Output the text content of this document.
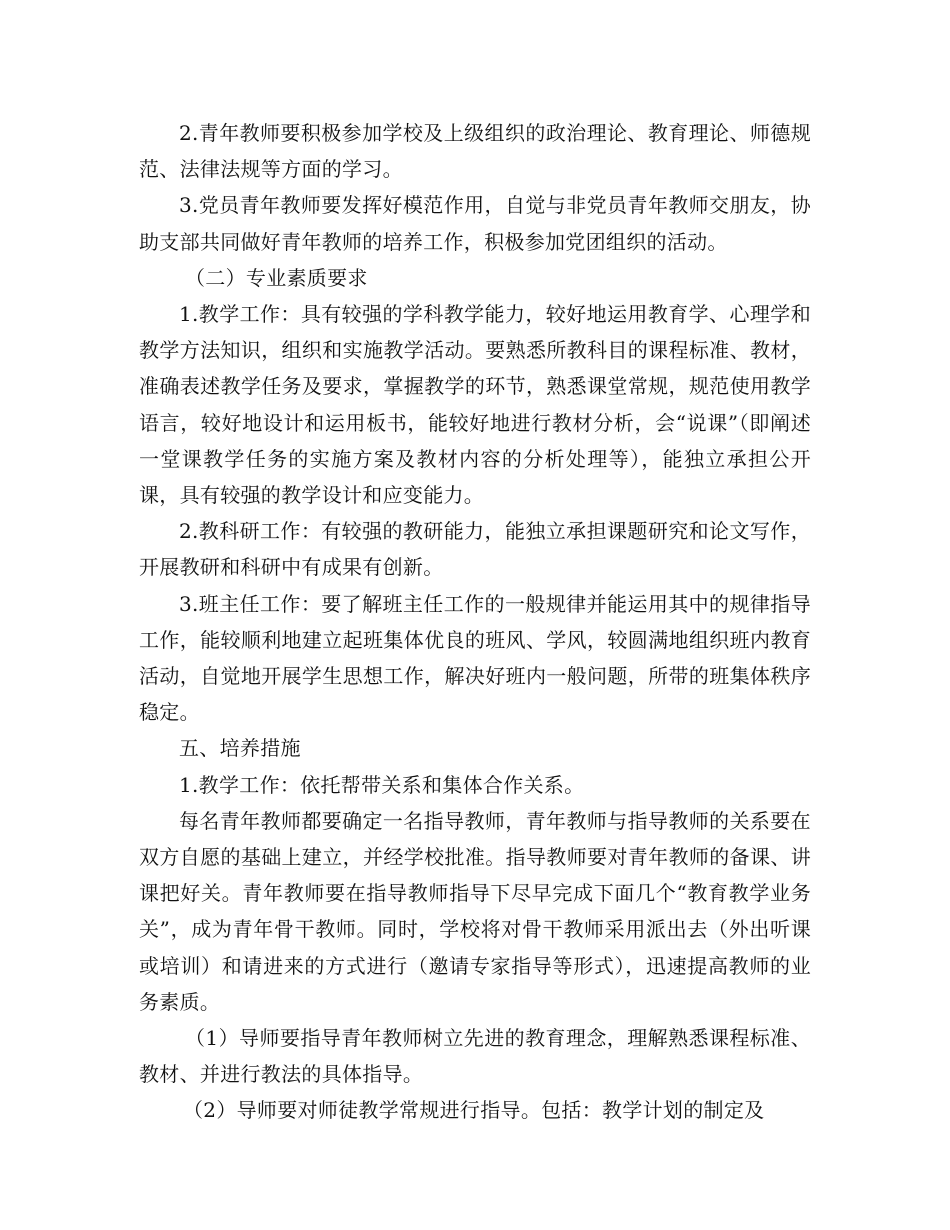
2.青年教师要积极参加学校及上级组织的政治理论、教育理论、师德规范、法律法规等方面的学习。

3.党员青年教师要发挥好模范作用，自觉与非党员青年教师交朋友，协助支部共同做好青年教师的培养工作，积极参加党团组织的活动。

（二）专业素质要求

1.教学工作：具有较强的学科教学能力，较好地运用教育学、心理学和教学方法知识，组织和实施教学活动。要熟悉所教科目的课程标准、教材，准确表述教学任务及要求，掌握教学的环节，熟悉课堂常规，规范使用教学语言，较好地设计和运用板书，能较好地进行教材分析，会“说课”（即阐述一堂课教学任务的实施方案及教材内容的分析处理等），能独立承担公开课，具有较强的教学设计和应变能力。

2.教科研工作：有较强的教研能力，能独立承担课题研究和论文写作，开展教研和科研中有成果有创新。

3.班主任工作：要了解班主任工作的一般规律并能运用其中的规律指导工作，能较顺利地建立起班集体优良的班风、学风，较圆满地组织班内教育活动，自觉地开展学生思想工作，解决好班内一般问题，所带的班集体秩序稳定。

五、培养措施

1.教学工作：依托帮带关系和集体合作关系。

每名青年教师都要确定一名指导教师，青年教师与指导教师的关系要在双方自愿的基础上建立，并经学校批准。指导教师要对青年教师的备课、讲课把好关。青年教师要在指导教师指导下尽早完成下面几个“教育教学业务关”，成为青年骨干教师。同时，学校将对骨干教师采用派出去（外出听课或培训）和请进来的方式进行（邀请专家指导等形式），迅速提高教师的业务素质。

（1）导师要指导青年教师树立先进的教育理念，理解熟悉课程标准、教材、并进行教法的具体指导。

（2）导师要对师徒教学常规进行指导。包括：教学计划的制定及
